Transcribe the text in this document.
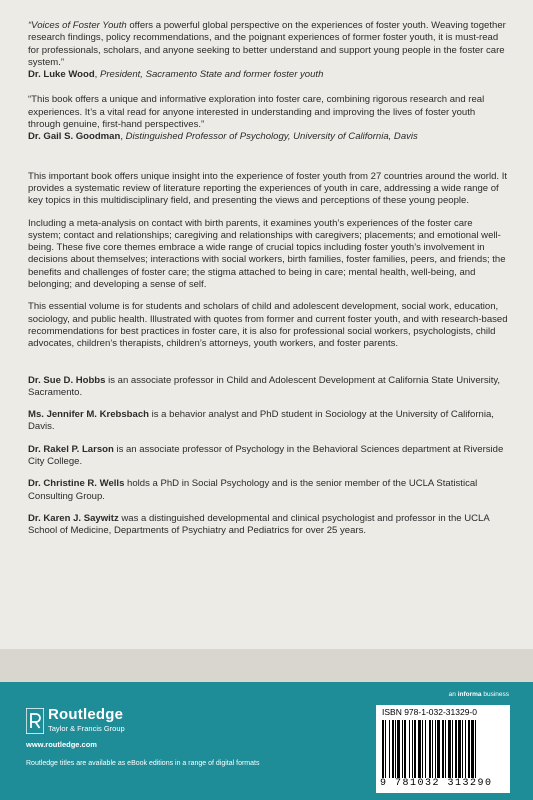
“Voices of Foster Youth offers a powerful global perspective on the experiences of foster youth. Weaving together research findings, policy recommendations, and the poignant experiences of former foster youth, it is must-read for professionals, scholars, and anyone seeking to better understand and support young people in the foster care system.”

Dr. Luke Wood, President, Sacramento State and former foster youth

“This book offers a unique and informative exploration into foster care, combining rigorous research and real experiences. It’s a vital read for anyone interested in understanding and improving the lives of foster youth through genuine, first-hand perspectives.”

Dr. Gail S. Goodman, Distinguished Professor of Psychology, University of California, Davis

This important book offers unique insight into the experience of foster youth from 27 countries around the world. It provides a systematic review of literature reporting the experiences of youth in care, addressing a wide range of key topics in this multidisciplinary field, and presenting the views and perceptions of these young people.

Including a meta-analysis on contact with birth parents, it examines youth’s experiences of the foster care system; contact and relationships; caregiving and relationships with caregivers; placements; and emotional well-being. These five core themes embrace a wide range of crucial topics including foster youth’s involvement in decisions about themselves; interactions with social workers, birth families, foster families, peers, and friends; the benefits and challenges of foster care; the stigma attached to being in care; mental health, well-being, and belonging; and developing a sense of self.

This essential volume is for students and scholars of child and adolescent development, social work, education, sociology, and public health. Illustrated with quotes from former and current foster youth, and with research-based recommendations for best practices in foster care, it is also for professional social workers, psychologists, child advocates, children’s therapists, children’s attorneys, youth workers, and foster parents.

Dr. Sue D. Hobbs is an associate professor in Child and Adolescent Development at California State University, Sacramento.

Ms. Jennifer M. Krebsbach is a behavior analyst and PhD student in Sociology at the University of California, Davis.

Dr. Rakel P. Larson is an associate professor of Psychology in the Behavioral Sciences department at Riverside City College.

Dr. Christine R. Wells holds a PhD in Social Psychology and is the senior member of the UCLA Statistical Consulting Group.

Dr. Karen J. Saywitz was a distinguished developmental and clinical psychologist and professor in the UCLA School of Medicine, Departments of Psychiatry and Pediatrics for over 25 years.

Routledge
Taylor & Francis Group
www.routledge.com
Routledge titles are available as eBook editions in a range of digital formats
an informa business
ISBN 978-1-032-31329-0
9 781032 313290
